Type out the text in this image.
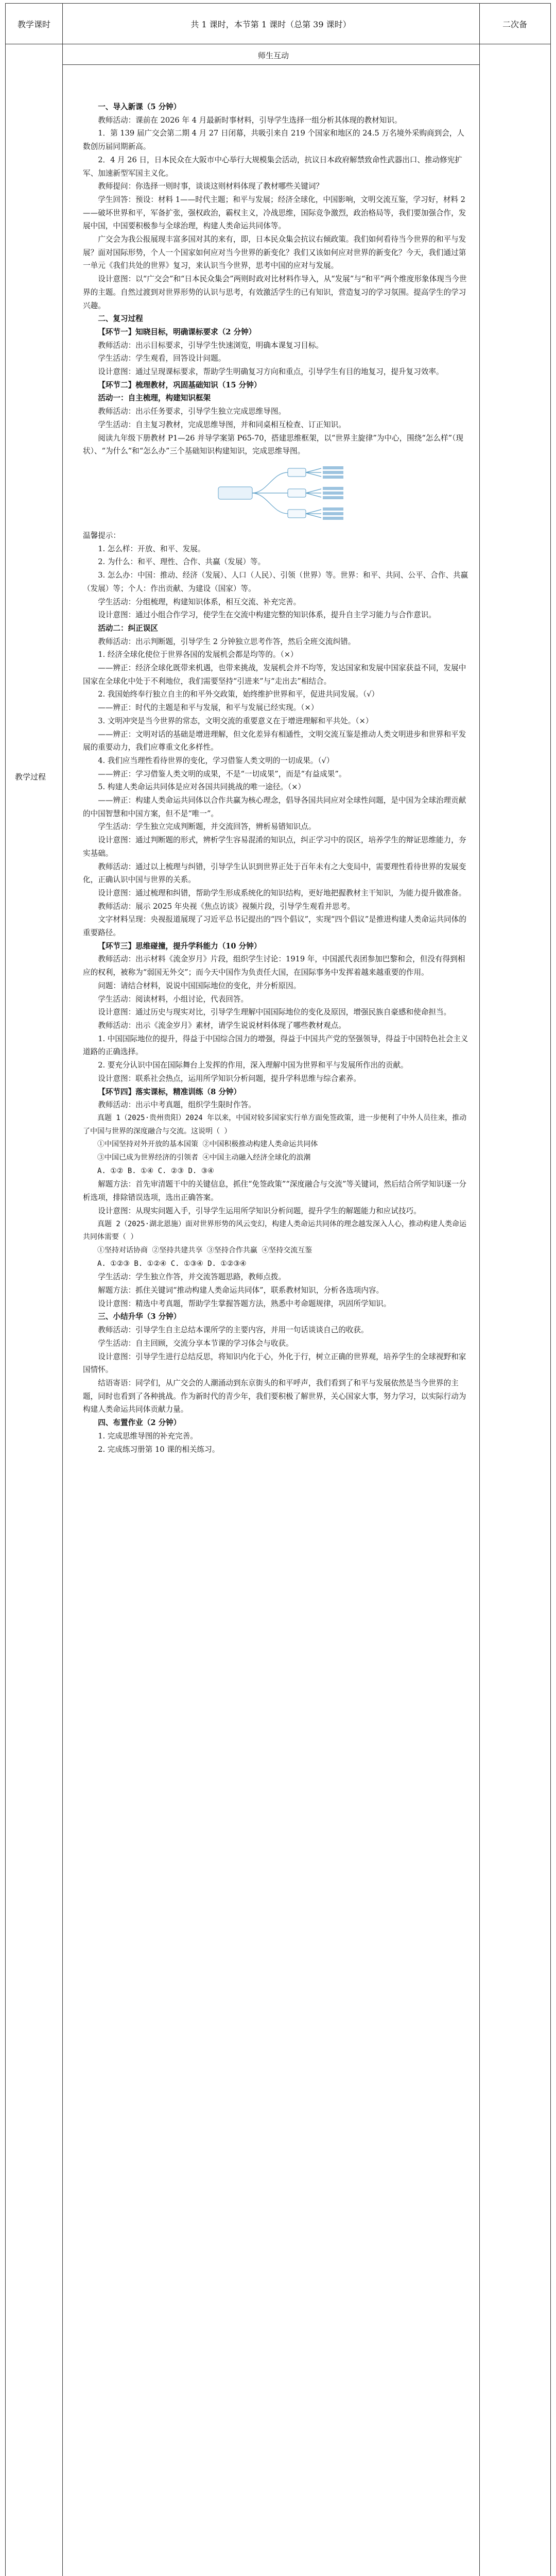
教学课时	共 1 课时，本节第 1 课时（总第 39 课时）	二次备
师生互动
教学过程

一、导入新课（5 分钟）

教师活动：课前在 2026 年 4 月最新时事材料，引导学生选择一组分析其体现的教材知识。

1．第 139 届广交会第二期 4 月 27 日闭幕，共吸引来自 219 个国家和地区的 24.5 万名境外采购商到会，人数创历届同期新高。

2．4 月 26 日，日本民众在大阪市中心举行大规模集会活动，抗议日本政府解禁致命性武器出口、推动修宪扩军、加速新型军国主义化。

教师提问：你选择一则时事，谈谈这则材料体现了教材哪些关键词？

学生回答：预设：材料 1——时代主题；和平与发展；经济全球化，中国影响，文明交流互鉴，学习好，材料 2——破坏世界和平，军备扩张，强权政治，霸权主义，冷战思维，国际竞争激烈，政治格局等，我们要加强合作，发展中国，中国要积极参与全球治理，构建人类命运共同体等。

广交会为我公报展现丰富多国对其的来有，即，日本民众集会抗议右倾政策。我们如何看待当今世界的和平与发展？面对国际形势，个人一个国家如何应对当今世界的新变化？我们又该如何应对世界的新变化？今天，我们通过第一单元《我们共处的世界》复习，来认识当今世界，思考中国的应对与发展。

设计意图：以“广交会”和“日本民众集会”两则时政对比材料作导入，从“发展”与“和平”两个维度形象体现当今世界的主题。自然过渡到对世界形势的认识与思考，有效激活学生的已有知识，营造复习的学习氛围。提高学生的学习兴趣。

二、复习过程

【环节一】知晓目标，明确课标要求（2 分钟）

教师活动：出示目标要求，引导学生快速浏览，明确本课复习目标。

学生活动：学生观看，回答设计问题。

设计意图：通过呈现课标要求，帮助学生明确复习方向和重点，引导学生有目的地复习，提升复习效率。

【环节二】梳理教材，巩固基础知识（15 分钟）

活动一：自主梳理，构建知识框架

教师活动：出示任务要求，引导学生独立完成思维导图。

学生活动：自主复习教材，完成思维导图，并和同桌相互检查、订正知识。

阅读九年级下册教材 P1—26 并导学案第 P65-70，搭建思维框架，以“世界主旋律”为中心，围绕“怎么样”（现状）、“为什么”和“怎么办”三个基础知识构建知识，完成思维导图。

温馨提示：

1. 怎么样：开放、和平、发展。

2. 为什么：和平、理性、合作、共赢（发展）等。

3. 怎么办：中国：推动、经济（发展）、人口（人民）、引领（世界）等。世界：和平、共同、公平、合作、共赢（发展）等；个人：作出贡献、为建设（国家）等。

学生活动：分组梳理，构建知识体系，相互交流、补充完善。

设计意图：通过小组合作学习，使学生在交流中构建完整的知识体系，提升自主学习能力与合作意识。

活动二：纠正误区

教师活动：出示判断题，引导学生 2 分钟独立思考作答，然后全班交流纠错。

1. 经济全球化使位于世界各国的发展机会都是均等的。（×）

——辨正：经济全球化既带来机遇，也带来挑战，发展机会并不均等，发达国家和发展中国家获益不同，发展中国家在全球化中处于不利地位，我们需要坚持“引进来”与“走出去”相结合。

2. 我国始终奉行独立自主的和平外交政策，始终维护世界和平，促进共同发展。（√）

——辨正：时代的主题是和平与发展，和平与发展已经实现。（×）

3. 文明冲突是当今世界的常态，文明交流的重要意义在于增进理解和平共处。（×）

——辨正：文明对话的基础是增进理解，但文化差异有相通性，文明交流互鉴是推动人类文明进步和世界和平发展的重要动力，我们应尊重文化多样性。

4. 我们应当理性看待世界的变化，学习借鉴人类文明的一切成果。（√）

——辨正：学习借鉴人类文明的成果，不是“一切成果”，而是“有益成果”。

5. 构建人类命运共同体是应对各国共同挑战的唯一途径。（×）

——辨正：构建人类命运共同体以合作共赢为核心理念，倡导各国共同应对全球性问题，是中国为全球治理贡献的中国智慧和中国方案，但不是“唯一”。

学生活动：学生独立完成判断题，并交流回答，辨析易错知识点。

设计意图：通过判断题的形式，辨析学生容易混淆的知识点，纠正学习中的误区，培养学生的辩证思维能力，夯实基础。

教师活动：通过以上梳理与纠错，引导学生认识到世界正处于百年未有之大变局中，需要理性看待世界的发展变化，正确认识中国与世界的关系。

设计意图：通过梳理和纠错，帮助学生形成系统化的知识结构，更好地把握教材主干知识，为能力提升做准备。

教师活动：展示 2025 年央视《焦点访谈》视频片段，引导学生观看并思考。

文字材料呈现：央视报道展现了习近平总书记提出的“四个倡议”，实现“四个倡议”是推进构建人类命运共同体的重要路径。

【环节三】思维碰撞，提升学科能力（10 分钟）

教师活动：出示材料《流金岁月》片段，组织学生讨论：1919 年，中国派代表团参加巴黎和会，但没有得到相应的权利，被称为“弱国无外交”；而今天中国作为负责任大国，在国际事务中发挥着越来越重要的作用。

问题：请结合材料，说说中国国际地位的变化，并分析原因。

学生活动：阅读材料，小组讨论，代表回答。

设计意图：通过历史与现实对比，引导学生理解中国国际地位的变化及原因，增强民族自豪感和使命担当。

教师活动：出示《流金岁月》素材，请学生说说材料体现了哪些教材观点。

1. 中国国际地位的提升，得益于中国综合国力的增强，得益于中国共产党的坚强领导，得益于中国特色社会主义道路的正确选择。

2. 要充分认识中国在国际舞台上发挥的作用，深入理解中国为世界和平与发展所作出的贡献。

设计意图：联系社会热点，运用所学知识分析问题，提升学科思维与综合素养。

【环节四】落实课标，精准训练（8 分钟）

教师活动：出示中考真题，组织学生限时作答。

真题 1（2025·贵州贵阳）2024 年以来，中国对较多国家实行单方面免签政策，进一步便利了中外人员往来，推动了中国与世界的深度融合与交流。这说明（ ）

①中国坚持对外开放的基本国策 ②中国积极推动构建人类命运共同体

③中国已成为世界经济的引领者 ④中国主动融入经济全球化的浪潮

A. ①② B. ①④ C. ②③ D. ③④

解题方法：首先审清题干中的关键信息，抓住“免签政策”“深度融合与交流”等关键词，然后结合所学知识逐一分析选项，排除错误选项，选出正确答案。

设计意图：从现实问题入手，引导学生运用所学知识分析问题，提升学生的解题能力和应试技巧。

真题 2（2025·湖北恩施）面对世界形势的风云变幻，构建人类命运共同体的理念越发深入人心，推动构建人类命运共同体需要（ ）

①坚持对话协商 ②坚持共建共享 ③坚持合作共赢 ④坚持交流互鉴

A. ①②③ B. ①②④ C. ①③④ D. ①②③④

学生活动：学生独立作答，并交流答题思路，教师点拨。

解题方法：抓住关键词“推动构建人类命运共同体”，联系教材知识，分析各选项内容。

设计意图：精选中考真题，帮助学生掌握答题方法，熟悉中考命题规律，巩固所学知识。

三、小结升华（3 分钟）

教师活动：引导学生自主总结本课所学的主要内容，并用一句话谈谈自己的收获。

学生活动：自主回顾，交流分享本节课的学习体会与收获。

设计意图：引导学生进行总结反思，将知识内化于心，外化于行，树立正确的世界观，培养学生的全球视野和家国情怀。

结语寄语：同学们，从广交会的人潮涌动到东京街头的和平呼声，我们看到了和平与发展依然是当今世界的主题，同时也看到了各种挑战。作为新时代的青少年，我们要积极了解世界，关心国家大事，努力学习，以实际行动为构建人类命运共同体贡献力量。

四、布置作业（2 分钟）

1. 完成思维导图的补充完善。

2. 完成练习册第 10 课的相关练习。
